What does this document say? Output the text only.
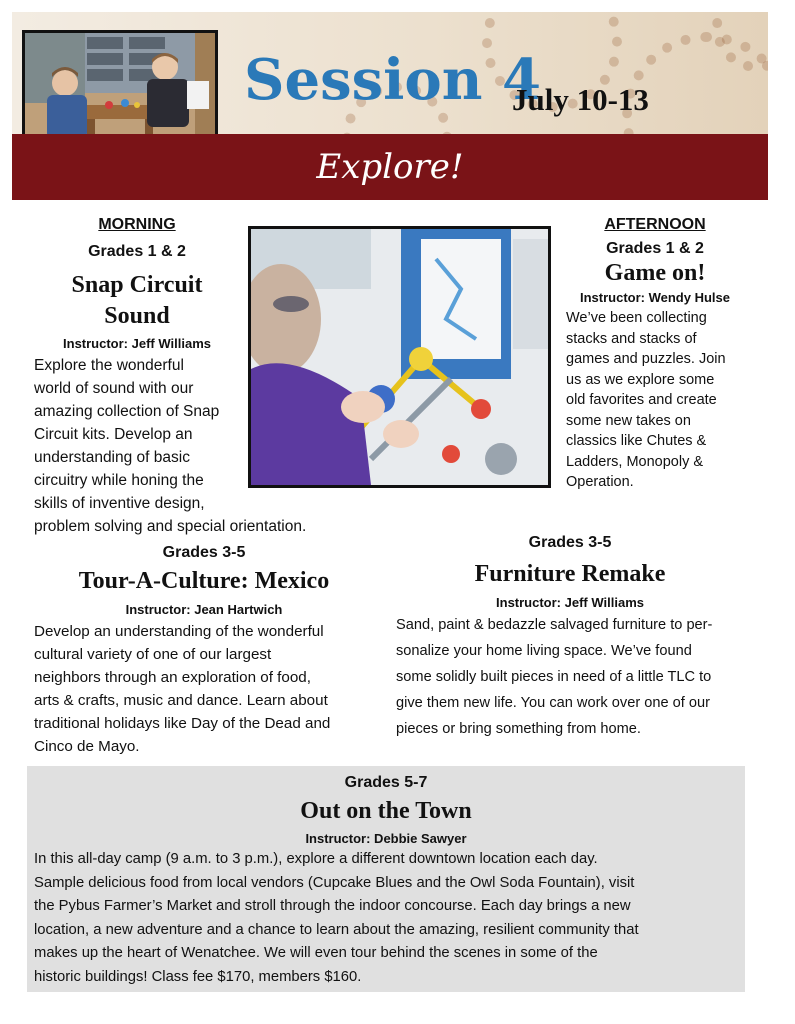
Session 4
July 10-13
Explore!
MORNING
Grades 1 & 2
Snap Circuit
Sound
Instructor: Jeff Williams
Explore the wonderful
world of sound with our
amazing collection of Snap
Circuit kits. Develop an
understanding of basic
circuitry while honing the
skills of inventive design,
problem solving and special orientation.
AFTERNOON
Grades 1 & 2
Game on!
Instructor: Wendy Hulse
We’ve been collecting
stacks and stacks of
games and puzzles. Join
us as we explore some
old favorites and create
some new takes on
classics like Chutes &
Ladders, Monopoly &
Operation.
Grades 3-5
Tour-A-Culture: Mexico
Instructor: Jean Hartwich
Develop an understanding of the wonderful
cultural variety of one of our largest
neighbors through an exploration of food,
arts & crafts, music and dance. Learn about
traditional holidays like Day of the Dead and
Cinco de Mayo.
Grades 3-5
Furniture Remake
Instructor: Jeff Williams
Sand, paint & bedazzle salvaged furniture to per-
sonalize your home living space. We’ve found
some solidly built pieces in need of a little TLC to
give them new life. You can work over one of our
pieces or bring something from home.
Grades 5-7
Out on the Town
Instructor: Debbie Sawyer
In this all-day camp (9 a.m. to 3 p.m.), explore a different downtown location each day.
Sample delicious food from local vendors (Cupcake Blues and the Owl Soda Fountain), visit
the Pybus Farmer’s Market and stroll through the indoor concourse. Each day brings a new
location, a new adventure and a chance to learn about the amazing, resilient community that
makes up the heart of Wenatchee. We will even tour behind the scenes in some of the
historic buildings! Class fee $170, members $160.
